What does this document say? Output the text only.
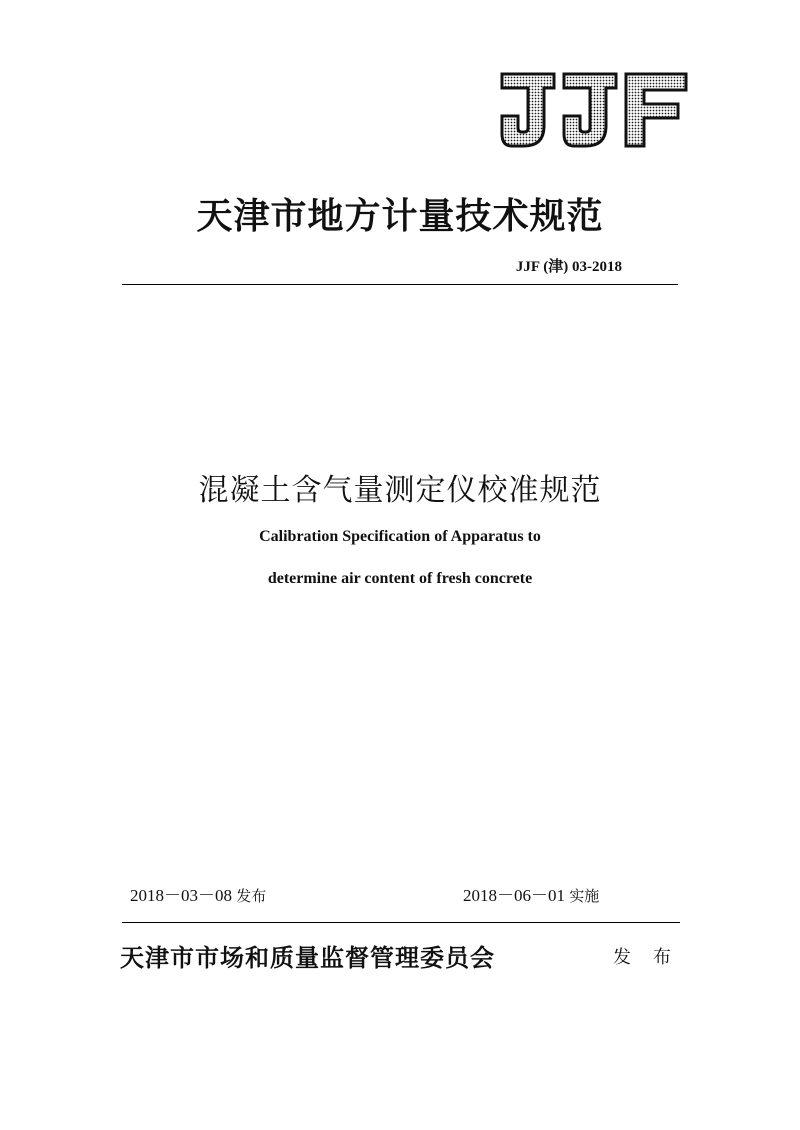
天津市地方计量技术规范
JJF (津) 03-2018
混凝土含气量测定仪校准规范
Calibration Specification of Apparatus to
determine air content of fresh concrete
2018－03－08 发布	2018－06－01 实施
天津市市场和质量监督管理委员会	发布
